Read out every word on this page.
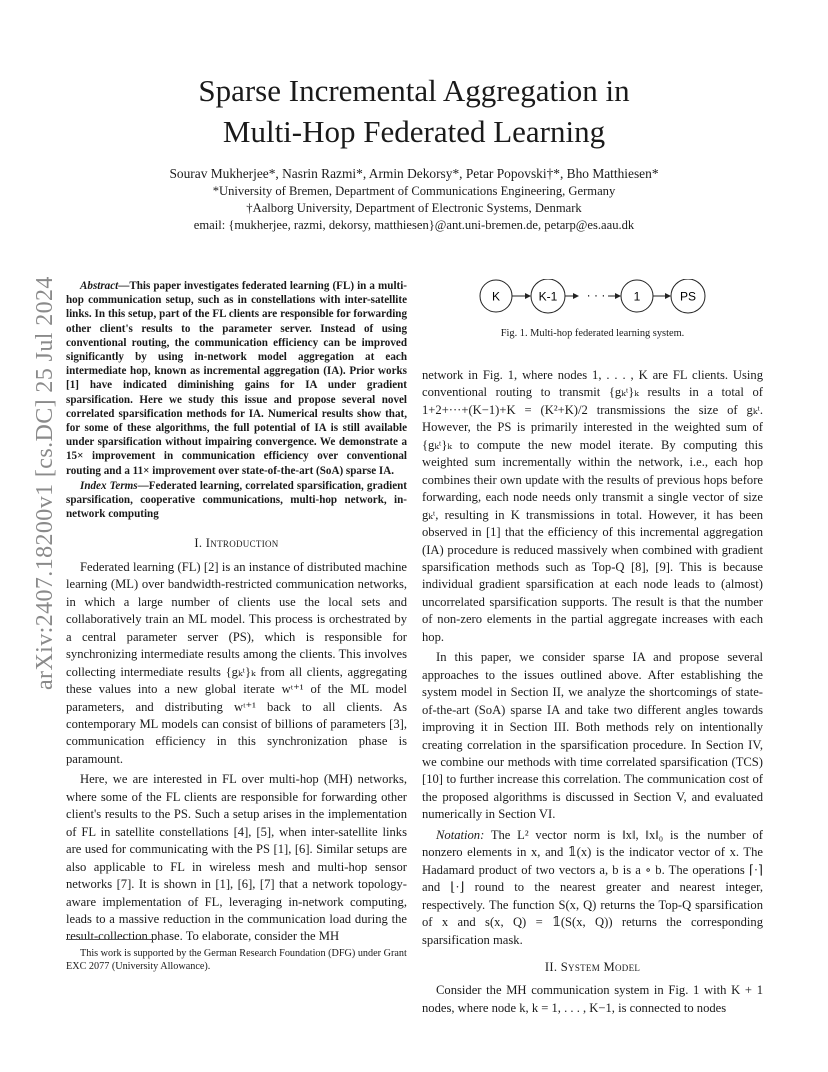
arXiv:2407.18200v1 [cs.DC] 25 Jul 2024
Sparse Incremental Aggregation in
Multi-Hop Federated Learning
Sourav Mukherjee*, Nasrin Razmi*, Armin Dekorsy*, Petar Popovski†*, Bho Matthiesen*
*University of Bremen, Department of Communications Engineering, Germany
†Aalborg University, Department of Electronic Systems, Denmark
email: {mukherjee, razmi, dekorsy, matthiesen}@ant.uni-bremen.de, petarp@es.aau.dk

Abstract—This paper investigates federated learning (FL) in a multi-hop communication setup, such as in constellations with inter-satellite links. In this setup, part of the FL clients are responsible for forwarding other client's results to the parameter server. Instead of using conventional routing, the communication efficiency can be improved significantly by using in-network model aggregation at each intermediate hop, known as incremental aggregation (IA). Prior works [1] have indicated diminishing gains for IA under gradient sparsification. Here we study this issue and propose several novel correlated sparsification methods for IA. Numerical results show that, for some of these algorithms, the full potential of IA is still available under sparsification without impairing convergence. We demonstrate a 15× improvement in communication efficiency over conventional routing and a 11× improvement over state-of-the-art (SoA) sparse IA.

Index Terms—Federated learning, correlated sparsification, gradient sparsification, cooperative communications, multi-hop network, in-network computing

I. Introduction

Federated learning (FL) [2] is an instance of distributed machine learning (ML) over bandwidth-restricted communication networks, in which a large number of clients use the local sets and collaboratively train an ML model. This process is orchestrated by a central parameter server (PS), which is responsible for synchronizing intermediate results among the clients. This involves collecting intermediate results {gₖᵗ}ₖ from all clients, aggregating these values into a new global iterate wᵗ⁺¹ of the ML model parameters, and distributing wᵗ⁺¹ back to all clients. As contemporary ML models can consist of billions of parameters [3], communication efficiency in this synchronization phase is paramount.

Here, we are interested in FL over multi-hop (MH) networks, where some of the FL clients are responsible for forwarding other client's results to the PS. Such a setup arises in the implementation of FL in satellite constellations [4], [5], when inter-satellite links are used for communicating with the PS [1], [6]. Similar setups are also applicable to FL in wireless mesh and multi-hop sensor networks [7]. It is shown in [1], [6], [7] that a network topology-aware implementation of FL, leveraging in-network computing, leads to a massive reduction in the communication load during the result-collection phase. To elaborate, consider the MH

This work is supported by the German Research Foundation (DFG) under Grant EXC 2077 (University Allowance).
K	K-1 · · · 1	PS
Fig. 1. Multi-hop federated learning system.

network in Fig. 1, where nodes 1, . . . , K are FL clients. Using conventional routing to transmit {gₖᵗ}ₖ results in a total of 1+2+···+(K−1)+K = (K²+K)/2 transmissions the size of gₖᵗ. However, the PS is primarily interested in the weighted sum of {gₖᵗ}ₖ to compute the new model iterate. By computing this weighted sum incrementally within the network, i.e., each hop combines their own update with the results of previous hops before forwarding, each node needs only transmit a single vector of size gₖᵗ, resulting in K transmissions in total. However, it has been observed in [1] that the efficiency of this incremental aggregation (IA) procedure is reduced massively when combined with gradient sparsification methods such as Top-Q [8], [9]. This is because individual gradient sparsification at each node leads to (almost) uncorrelated sparsification supports. The result is that the number of non-zero elements in the partial aggregate increases with each hop.

In this paper, we consider sparse IA and propose several approaches to the issues outlined above. After establishing the system model in Section II, we analyze the shortcomings of state-of-the-art (SoA) sparse IA and take two different angles towards improving it in Section III. Both methods rely on intentionally creating correlation in the sparsification procedure. In Section IV, we combine our methods with time correlated sparsification (TCS) [10] to further increase this correlation. The communication cost of the proposed algorithms is discussed in Section V, and evaluated numerically in Section VI.

Notation: The L² vector norm is ‖x‖, ‖x‖₀ is the number of nonzero elements in x, and 𝟙(x) is the indicator vector of x. The Hadamard product of two vectors a, b is a ∘ b. The operations ⌈·⌉ and ⌊·⌋ round to the nearest greater and nearest integer, respectively. The function S(x, Q) returns the Top-Q sparsification of x and s(x, Q) = 𝟙(S(x, Q)) returns the corresponding sparsification mask.

II. System Model

Consider the MH communication system in Fig. 1 with K + 1 nodes, where node k, k = 1, . . . , K−1, is connected to nodes
